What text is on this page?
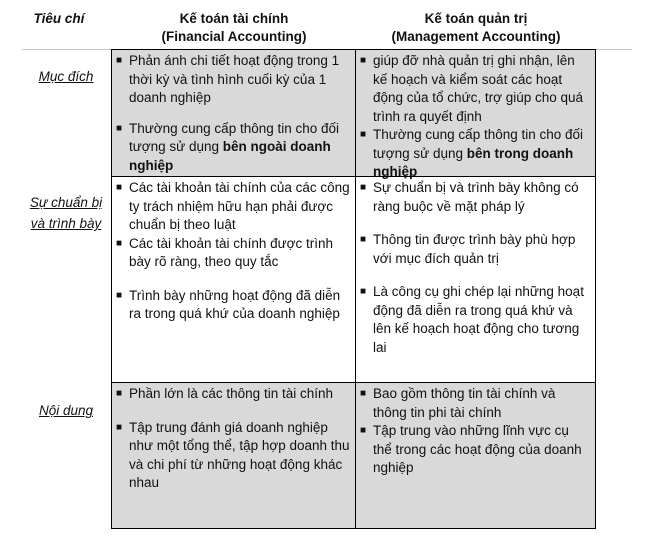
Tiêu chí	Kế toán tài chính
(Financial Accounting)
Kế toán quản trị
(Management Accounting)
Mục đích
■ Phản ánh chi tiết hoạt động trong 1 thời kỳ và tình hình cuối kỳ của 1 doanh nghiệp
■ Thường cung cấp thông tin cho đối tượng sử dụng bên ngoài doanh nghiệp
■ giúp đỡ nhà quản trị ghi nhận, lên kế hoạch và kiểm soát các hoạt động của tổ chức, trợ giúp cho quá trình ra quyết định
■ Thường cung cấp thông tin cho đối tượng sử dụng bên trong doanh nghiệp
Sự chuẩn bị và trình bày
■ Các tài khoản tài chính của các công ty trách nhiệm hữu hạn phải được chuẩn bị theo luật
■ Các tài khoản tài chính được trình bày rõ ràng, theo quy tắc
■ Trình bày những hoạt động đã diễn ra trong quá khứ của doanh nghiệp
■ Sự chuẩn bị và trình bày không có ràng buộc về mặt pháp lý
■ Thông tin được trình bày phù hợp với mục đích quản trị
■ Là công cụ ghi chép lại những hoạt động đã diễn ra trong quá khứ và lên kế hoạch hoạt động cho tương lai
Nội dung
■ Phần lớn là các thông tin tài chính
■ Tập trung đánh giá doanh nghiệp như một tổng thể, tập hợp doanh thu và chi phí từ những hoạt động khác nhau
■ Bao gồm thông tin tài chính và thông tin phi tài chính
■ Tập trung vào những lĩnh vực cụ thể trong các hoạt động của doanh nghiệp
